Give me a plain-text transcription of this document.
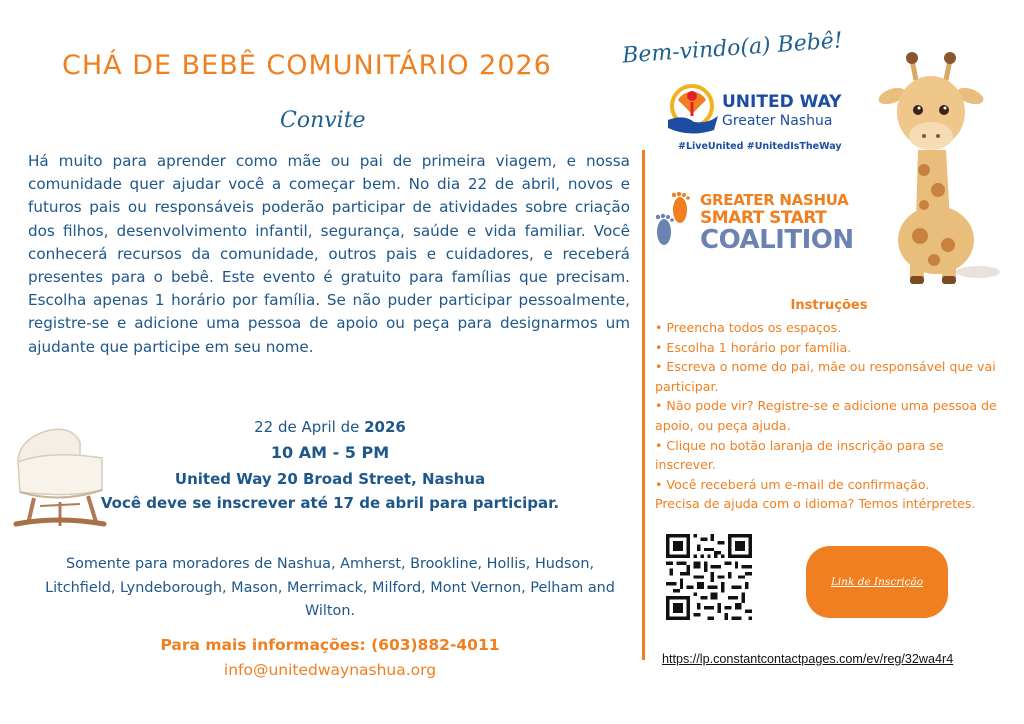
CHÁ DE BEBÊ COMUNITÁRIO 2026
Convite
Há muito para aprender como mãe ou pai de primeira viagem, e nossa comunidade quer ajudar você a começar bem. No dia 22 de abril, novos e futuros pais ou responsáveis poderão participar de atividades sobre criação dos filhos, desenvolvimento infantil, segurança, saúde e vida familiar. Você conhecerá recursos da comunidade, outros pais e cuidadores, e receberá presentes para o bebê. Este evento é gratuito para famílias que precisam. Escolha apenas 1 horário por família. Se não puder participar pessoalmente, registre-se e adicione uma pessoa de apoio ou peça para designarmos um ajudante que participe em seu nome.
22 de April de 2026
10 AM - 5 PM
United Way 20 Broad Street, Nashua
Você deve se inscrever até 17 de abril para participar.
Somente para moradores de Nashua, Amherst, Brookline, Hollis, Hudson, Litchfield, Lyndeborough, Mason, Merrimack, Milford, Mont Vernon, Pelham and Wilton.
Para mais informações: (603)882-4011
info@unitedwaynashua.org
Bem-vindo(a) Bebê!
UNITED WAY
Greater Nashua
#LiveUnited #UnitedIsTheWay
GREATER NASHUA
SMART START
COALITION
Instruções
• Preencha todos os espaços.
• Escolha 1 horário por família.
• Escreva o nome do pai, mãe ou responsável que vai participar.
• Não pode vir? Registre-se e adicione uma pessoa de apoio, ou peça ajuda.
• Clique no botão laranja de inscrição para se inscrever.
• Você receberá um e-mail de confirmação.
Precisa de ajuda com o idioma? Temos intérpretes.
Link de Inscrição
https://lp.constantcontactpages.com/ev/reg/32wa4r4
